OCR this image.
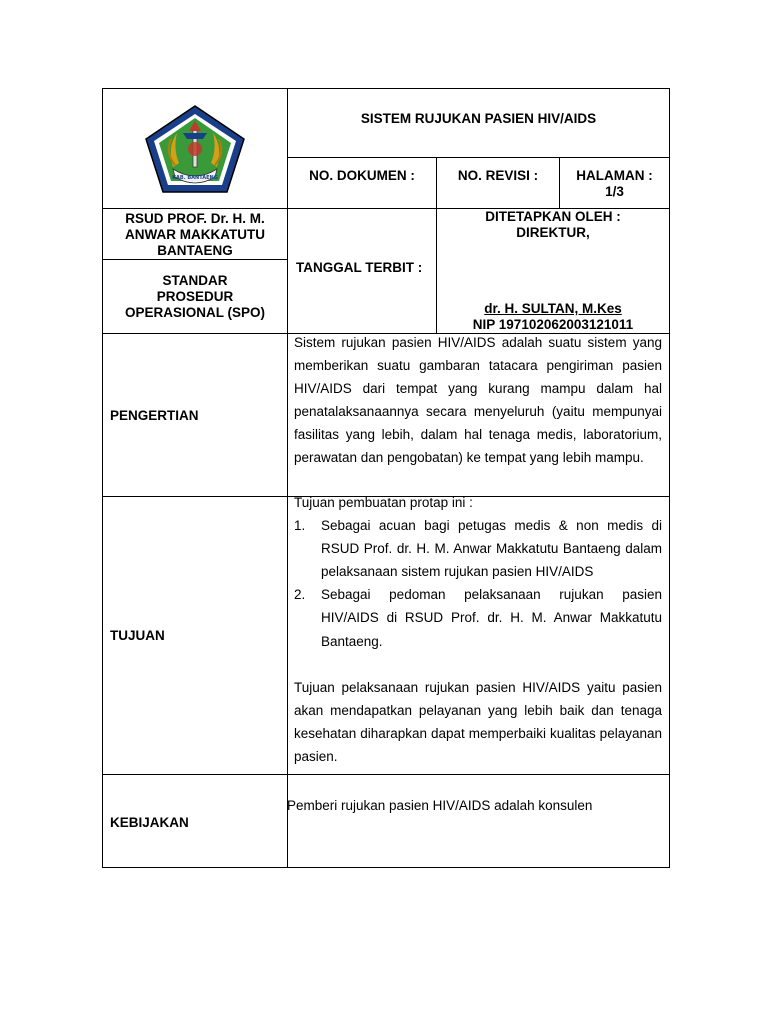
KAB. BANTAENG
SISTEM RUJUKAN PASIEN HIV/AIDS
NO. DOKUMEN :	NO. REVISI :	HALAMAN :
1/3
RSUD PROF. Dr. H. M.
ANWAR MAKKATUTU
BANTAENG
STANDAR
PROSEDUR
OPERASIONAL (SPO)
TANGGAL TERBIT :
DITETAPKAN OLEH :
DIREKTUR,
dr. H. SULTAN, M.Kes
NIP 197102062003121011
PENGERTIAN
Sistem rujukan pasien HIV/AIDS adalah suatu sistem yang memberikan suatu gambaran tatacara pengiriman pasien HIV/AIDS dari tempat yang kurang mampu dalam hal penatalaksanaannya secara menyeluruh (yaitu mempunyai fasilitas yang lebih, dalam hal tenaga medis, laboratorium, perawatan dan pengobatan) ke tempat yang lebih mampu.
TUJUAN
Tujuan pembuatan protap ini :
1. Sebagai acuan bagi petugas medis & non medis di RSUD Prof. dr. H. M. Anwar Makkatutu Bantaeng dalam pelaksanaan sistem rujukan pasien HIV/AIDS
2. Sebagai pedoman pelaksanaan rujukan pasien HIV/AIDS di RSUD Prof. dr. H. M. Anwar Makkatutu Bantaeng.
Tujuan pelaksanaan rujukan pasien HIV/AIDS yaitu pasien akan mendapatkan pelayanan yang lebih baik dan tenaga kesehatan diharapkan dapat memperbaiki kualitas pelayanan pasien.
KEBIJAKAN
Pemberi rujukan pasien HIV/AIDS adalah konsulen
